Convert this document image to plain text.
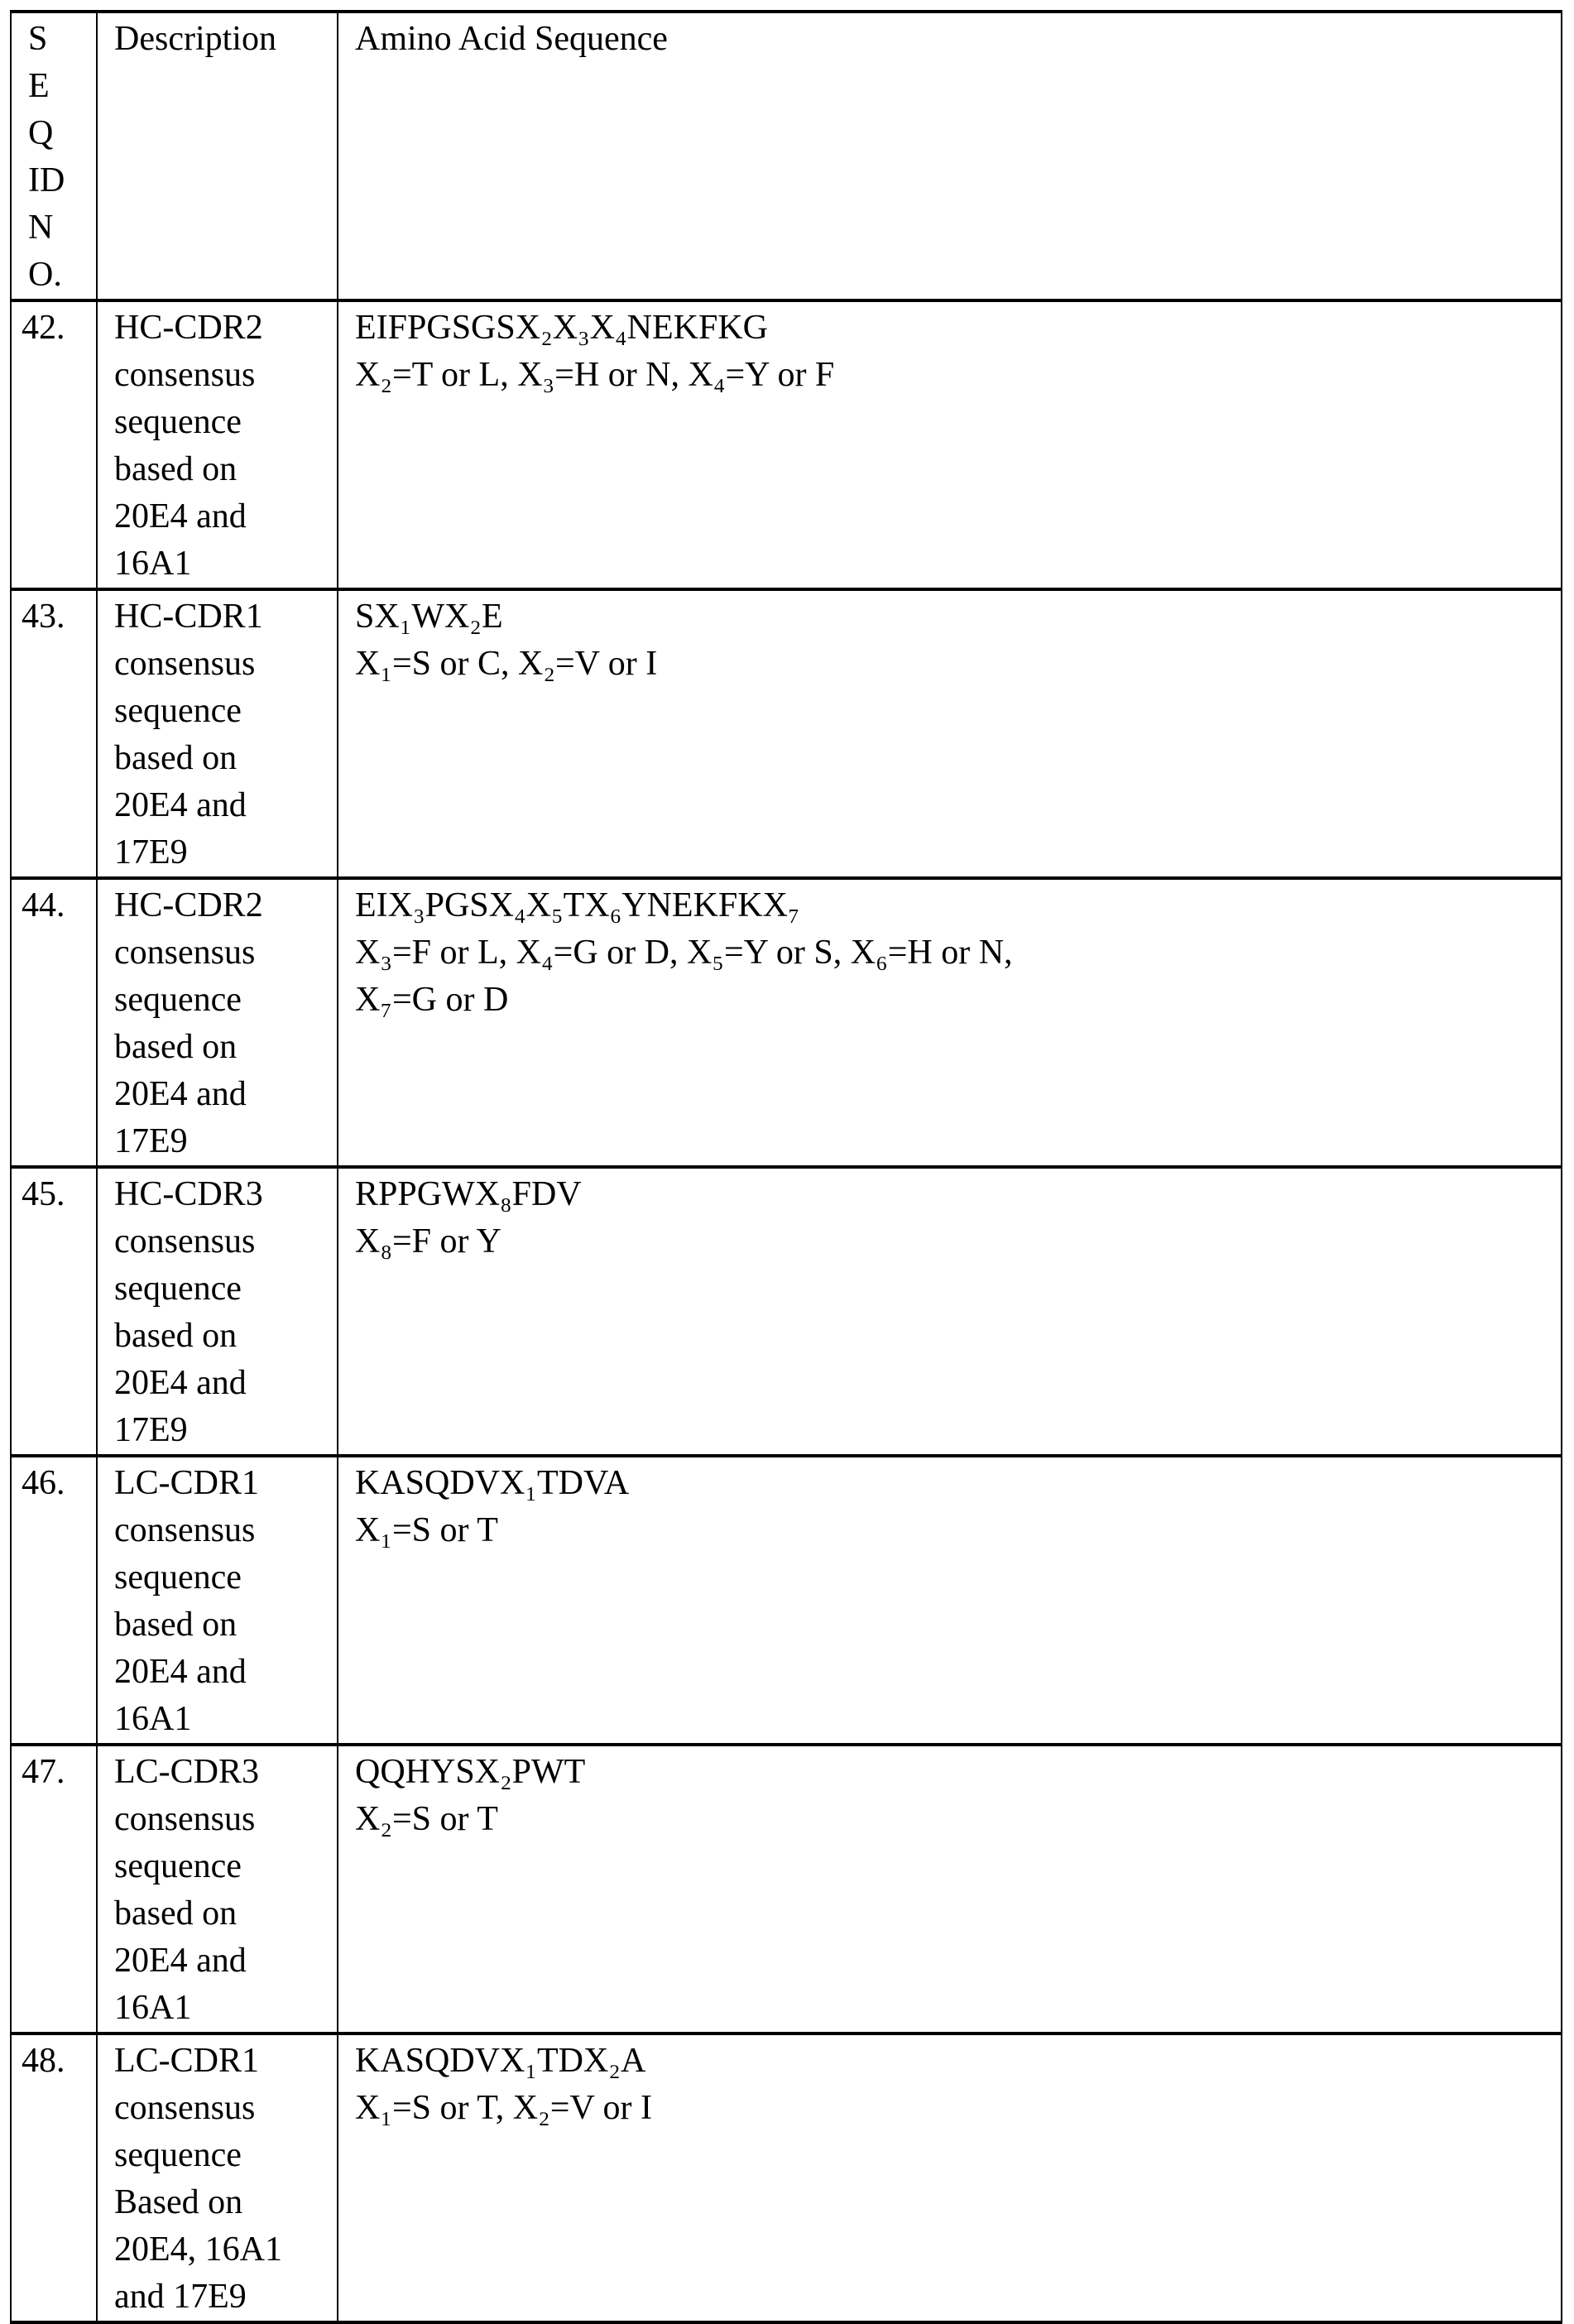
S
E
Q
ID
N
O.	Description	Amino Acid Sequence
42.	HC-CDR2
consensus
sequence
based on
20E4 and
16A1	
EIFPGSGSX₂X₃X₄NEKFKG
X₂=T or L, X₃=H or N, X₄=Y or F

43.	HC-CDR1
consensus
sequence
based on
20E4 and
17E9	
SX₁WX₂E
X₁=S or C, X₂=V or I

44.	HC-CDR2
consensus
sequence
based on
20E4 and
17E9	
EIX₃PGSX₄X₅TX₆YNEKFKX₇
X₃=F or L, X₄=G or D, X₅=Y or S, X₆=H or N,
X₇=G or D

45.	HC-CDR3
consensus
sequence
based on
20E4 and
17E9	
RPPGWX₈FDV
X₈=F or Y

46.	LC-CDR1
consensus
sequence
based on
20E4 and
16A1	
KASQDVX₁TDVA
X₁=S or T

47.	LC-CDR3
consensus
sequence
based on
20E4 and
16A1	
QQHYSX₂PWT
X₂=S or T

48.	LC-CDR1
consensus
sequence
Based on
20E4, 16A1
and 17E9	
KASQDVX₁TDX₂A
X₁=S or T, X₂=V or I
